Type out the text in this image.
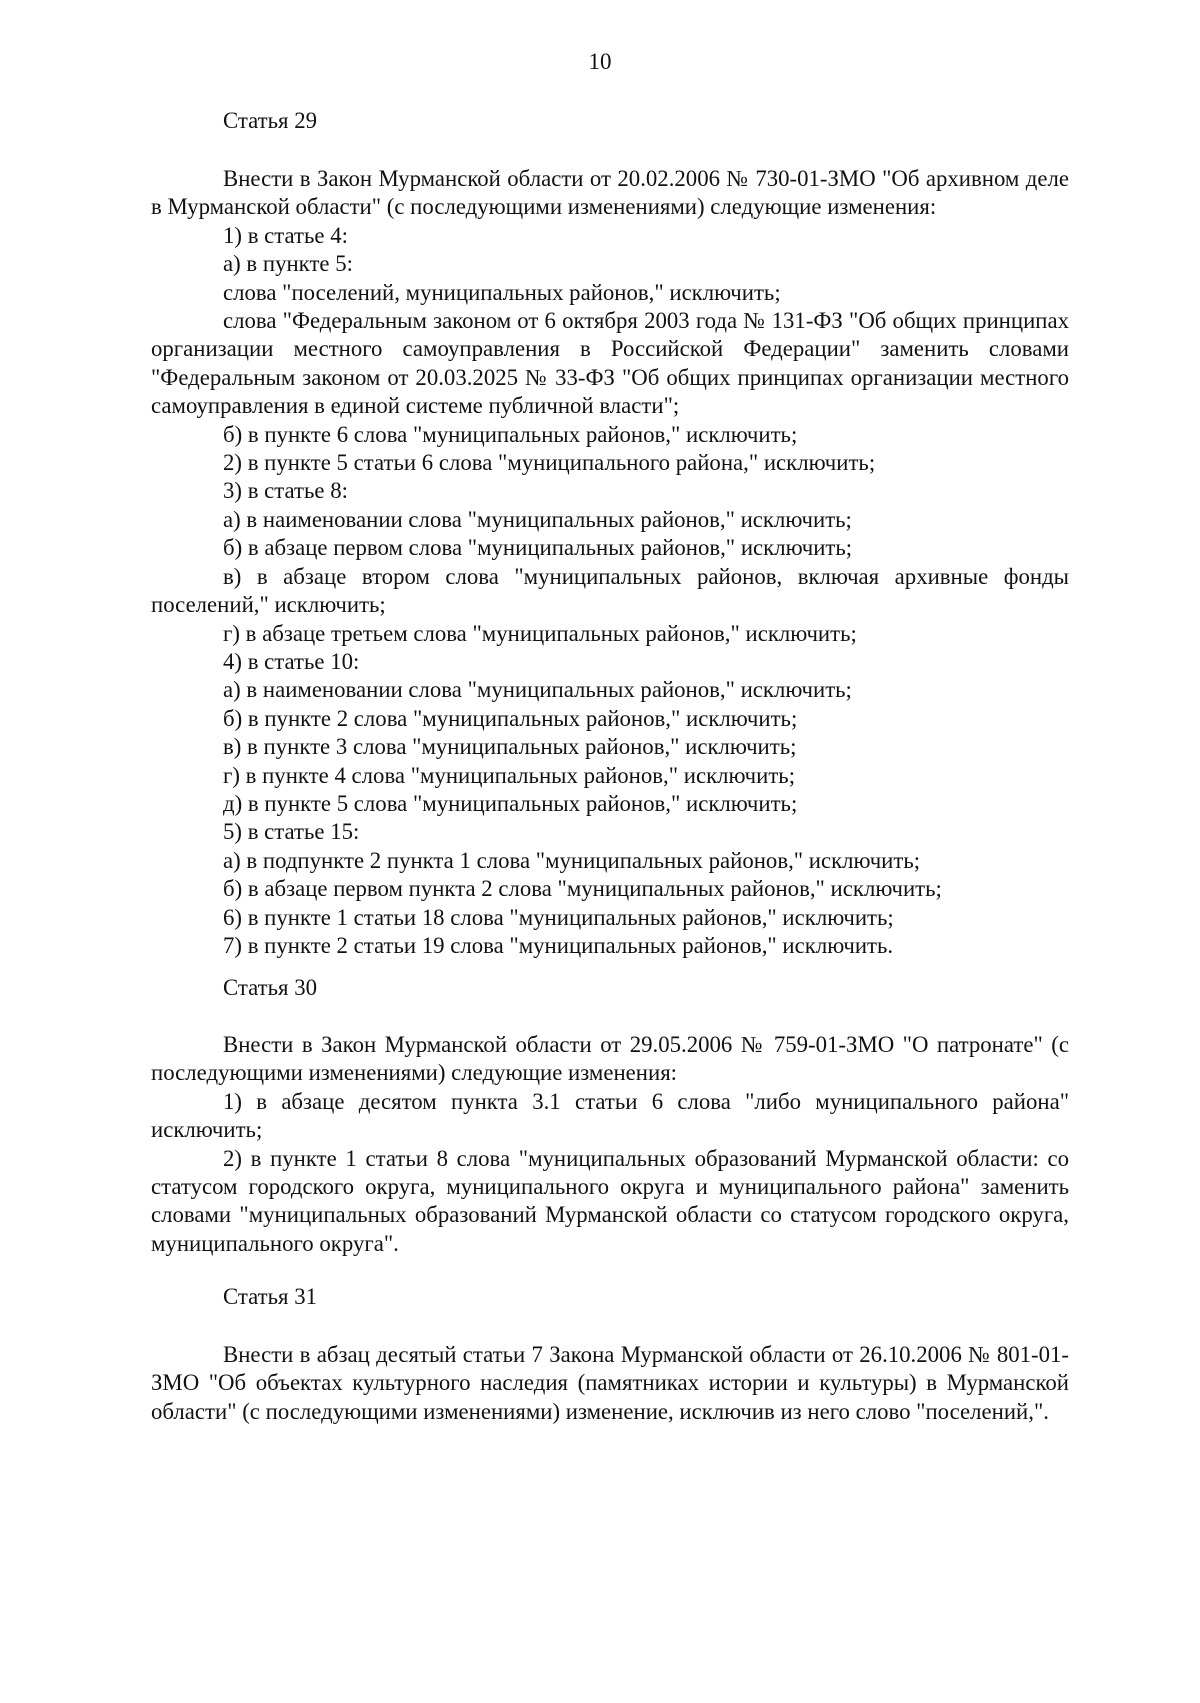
10

Статья 29

Внести в Закон Мурманской области от 20.02.2006 № 730-01-ЗМО "Об архивном деле в Мурманской области" (с последующими изменениями) следующие изменения:

1) в статье 4:

а) в пункте 5:

слова "поселений, муниципальных районов," исключить;

слова "Федеральным законом от 6 октября 2003 года № 131-ФЗ "Об общих принципах организации местного самоуправления в Российской Федерации" заменить словами "Федеральным законом от 20.03.2025 № 33-ФЗ "Об общих принципах организации местного самоуправления в единой системе публичной власти";

б) в пункте 6 слова "муниципальных районов," исключить;

2) в пункте 5 статьи 6 слова "муниципального района," исключить;

3) в статье 8:

а) в наименовании слова "муниципальных районов," исключить;

б) в абзаце первом слова "муниципальных районов," исключить;

в) в абзаце втором слова "муниципальных районов, включая архивные фонды поселений," исключить;

г) в абзаце третьем слова "муниципальных районов," исключить;

4) в статье 10:

а) в наименовании слова "муниципальных районов," исключить;

б) в пункте 2 слова "муниципальных районов," исключить;

в) в пункте 3 слова "муниципальных районов," исключить;

г) в пункте 4 слова "муниципальных районов," исключить;

д) в пункте 5 слова "муниципальных районов," исключить;

5) в статье 15:

а) в подпункте 2 пункта 1 слова "муниципальных районов," исключить;

б) в абзаце первом пункта 2 слова "муниципальных районов," исключить;

6) в пункте 1 статьи 18 слова "муниципальных районов," исключить;

7) в пункте 2 статьи 19 слова "муниципальных районов," исключить.

Статья 30

Внести в Закон Мурманской области от 29.05.2006 № 759-01-ЗМО "О патронате" (с последующими изменениями) следующие изменения:

1) в абзаце десятом пункта 3.1 статьи 6 слова "либо муниципального района" исключить;

2) в пункте 1 статьи 8 слова "муниципальных образований Мурманской области: со статусом городского округа, муниципального округа и муниципального района" заменить словами "муниципальных образований Мурманской области со статусом городского округа, муниципального округа".

Статья 31

Внести в абзац десятый статьи 7 Закона Мурманской области от 26.10.2006 № 801-01-ЗМО "Об объектах культурного наследия (памятниках истории и культуры) в Мурманской области" (с последующими изменениями) изменение, исключив из него слово "поселений,".
